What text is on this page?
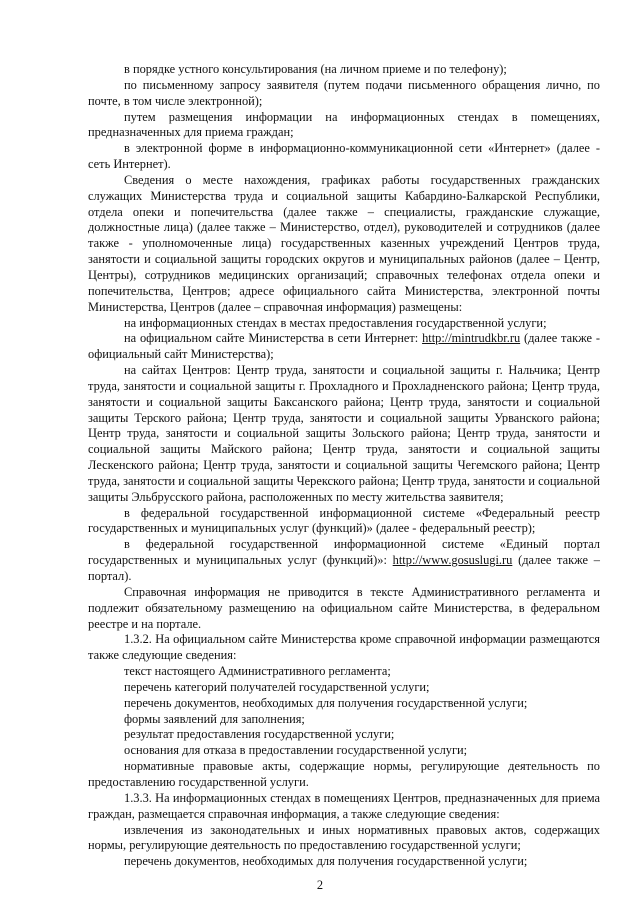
в порядке устного консультирования (на личном приеме и по телефону);

по письменному запросу заявителя (путем подачи письменного обращения лично, по почте, в том числе электронной);

путем размещения информации на информационных стендах в помещениях, предназначенных для приема граждан;

в электронной форме в информационно-коммуникационной сети «Интернет» (далее - сеть Интернет).

Сведения о месте нахождения, графиках работы государственных гражданских служащих Министерства труда и социальной защиты Кабардино-Балкарской Республики, отдела опеки и попечительства (далее также – специалисты, гражданские служащие, должностные лица) (далее также – Министерство, отдел), руководителей и сотрудников (далее также - уполномоченные лица) государственных казенных учреждений Центров труда, занятости и социальной защиты городских округов и муниципальных районов (далее – Центр, Центры), сотрудников медицинских организаций; справочных телефонах отдела опеки и попечительства, Центров; адресе официального сайта Министерства, электронной почты Министерства, Центров (далее – справочная информация) размещены:

на информационных стендах в местах предоставления государственной услуги;

на официальном сайте Министерства в сети Интернет: http://mintrudkbr.ru (далее также - официальный сайт Министерства);

на сайтах Центров: Центр труда, занятости и социальной защиты г. Нальчика; Центр труда, занятости и социальной защиты г. Прохладного и Прохладненского района; Центр труда, занятости и социальной защиты Баксанского района; Центр труда, занятости и социальной защиты Терского района; Центр труда, занятости и социальной защиты Урванского района; Центр труда, занятости и социальной защиты Зольского района; Центр труда, занятости и социальной защиты Майского района; Центр труда, занятости и социальной защиты Лескенского района; Центр труда, занятости и социальной защиты Чегемского района; Центр труда, занятости и социальной защиты Черекского района; Центр труда, занятости и социальной защиты Эльбрусского района, расположенных по месту жительства заявителя;

в федеральной государственной информационной системе «Федеральный реестр государственных и муниципальных услуг (функций)» (далее - федеральный реестр);

в федеральной государственной информационной системе «Единый портал государственных и муниципальных услуг (функций)»: http://www.gosuslugi.ru (далее также – портал).

Справочная информация не приводится в тексте Административного регламента и подлежит обязательному размещению на официальном сайте Министерства, в федеральном реестре и на портале.

1.3.2. На официальном сайте Министерства кроме справочной информации размещаются также следующие сведения:

текст настоящего Административного регламента;

перечень категорий получателей государственной услуги;

перечень документов, необходимых для получения государственной услуги;

формы заявлений для заполнения;

результат предоставления государственной услуги;

основания для отказа в предоставлении государственной услуги;

нормативные правовые акты, содержащие нормы, регулирующие деятельность по предоставлению государственной услуги.

1.3.3. На информационных стендах в помещениях Центров, предназначенных для приема граждан, размещается справочная информация, а также следующие сведения:

извлечения из законодательных и иных нормативных правовых актов, содержащих нормы, регулирующие деятельность по предоставлению государственной услуги;

перечень документов, необходимых для получения государственной услуги;

2
